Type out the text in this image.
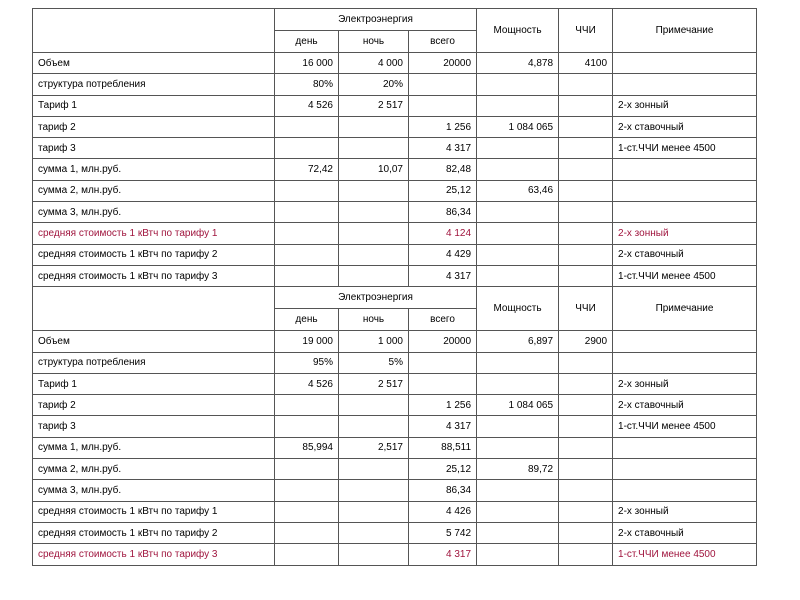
	Электроэнергия			Мощность	ЧЧИ	Примечание
	день	ночь	всего			
Объем	16 000	4 000	20000	4,878	4100	
структура потребления	80%	20%				
Тариф 1	4 526	2 517				2-х зонный
тариф 2			1 256	1 084 065		2-х ставочный
тариф 3			4 317			1-ст.ЧЧИ менее 4500
сумма 1, млн.руб.	72,42	10,07	82,48			
сумма 2, млн.руб.			25,12	63,46		
сумма 3, млн.руб.			86,34			
средняя стоимость 1 кВтч по тарифу 1			4 124			2-х зонный
средняя стоимость 1 кВтч по тарифу 2			4 429			2-х ставочный
средняя стоимость 1 кВтч по тарифу 3			4 317			1-ст.ЧЧИ менее 4500
	Электроэнергия			Мощность	ЧЧИ	Примечание
	день	ночь	всего			
Объем	19 000	1 000	20000	6,897	2900	
структура потребления	95%	5%				
Тариф 1	4 526	2 517				2-х зонный
тариф 2			1 256	1 084 065		2-х ставочный
тариф 3			4 317			1-ст.ЧЧИ менее 4500
сумма 1, млн.руб.	85,994	2,517	88,511			
сумма 2, млн.руб.			25,12	89,72		
сумма 3, млн.руб.			86,34			
средняя стоимость 1 кВтч по тарифу 1			4 426			2-х зонный
средняя стоимость 1 кВтч по тарифу 2			5 742			2-х ставочный
средняя стоимость 1 кВтч по тарифу 3			4 317			1-ст.ЧЧИ менее 4500
